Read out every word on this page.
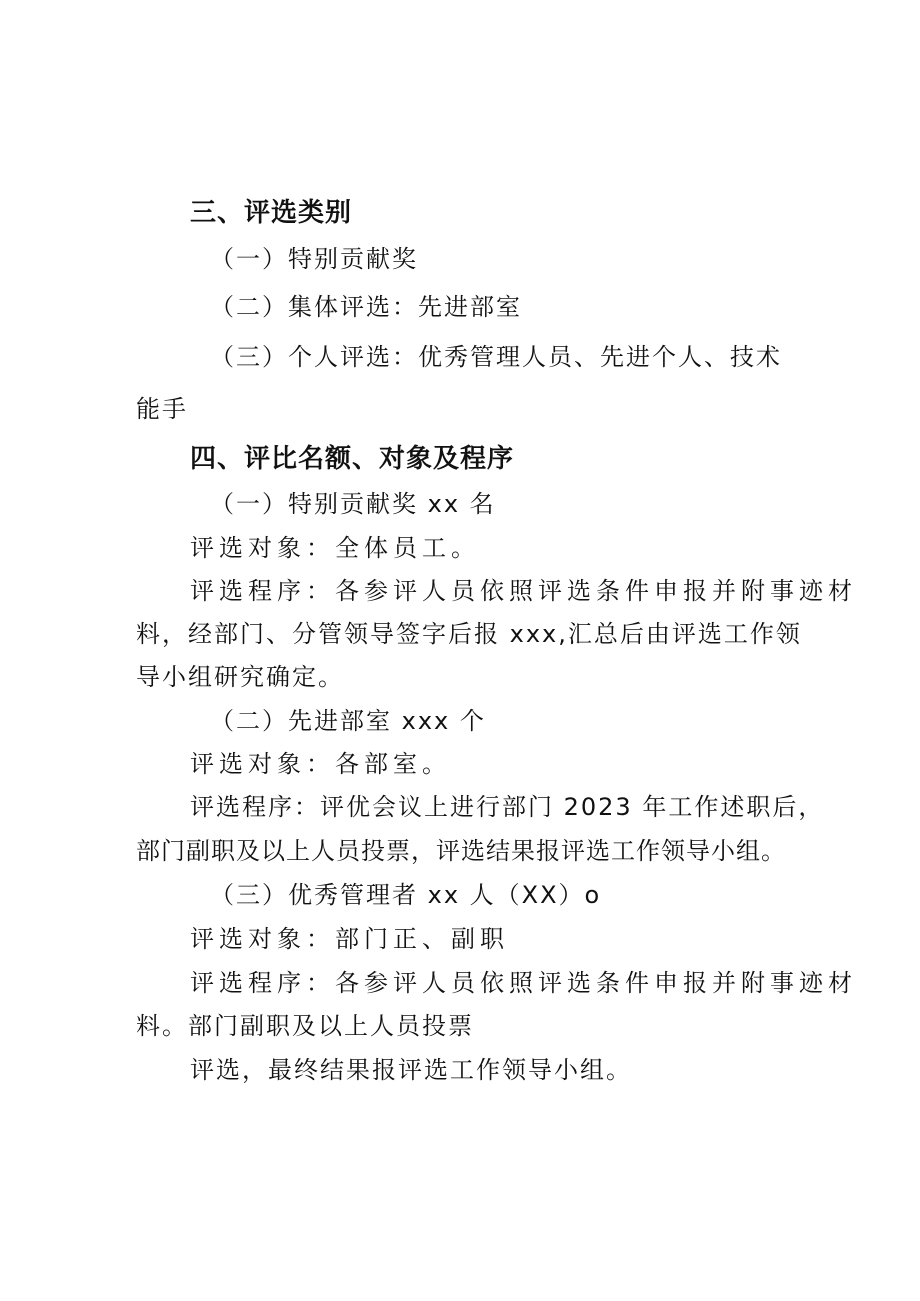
三、评选类别
（一）特别贡献奖
（二）集体评选：先进部室
（三）个人评选：优秀管理人员、先进个人、技术
能手
四、评比名额、对象及程序
（一）特别贡献奖 xx 名
评选对象：全体员工。
评选程序：各参评人员依照评选条件申报并附事迹材
料，经部门、分管领导签字后报 xxx,汇总后由评选工作领
导小组研究确定。
（二）先进部室 xxx 个
评选对象：各部室。
评选程序：评优会议上进行部门 2023 年工作述职后，
部门副职及以上人员投票，评选结果报评选工作领导小组。
（三）优秀管理者 xx 人（XX）o
评选对象：部门正、副职
评选程序：各参评人员依照评选条件申报并附事迹材
料。部门副职及以上人员投票
评选，最终结果报评选工作领导小组。
